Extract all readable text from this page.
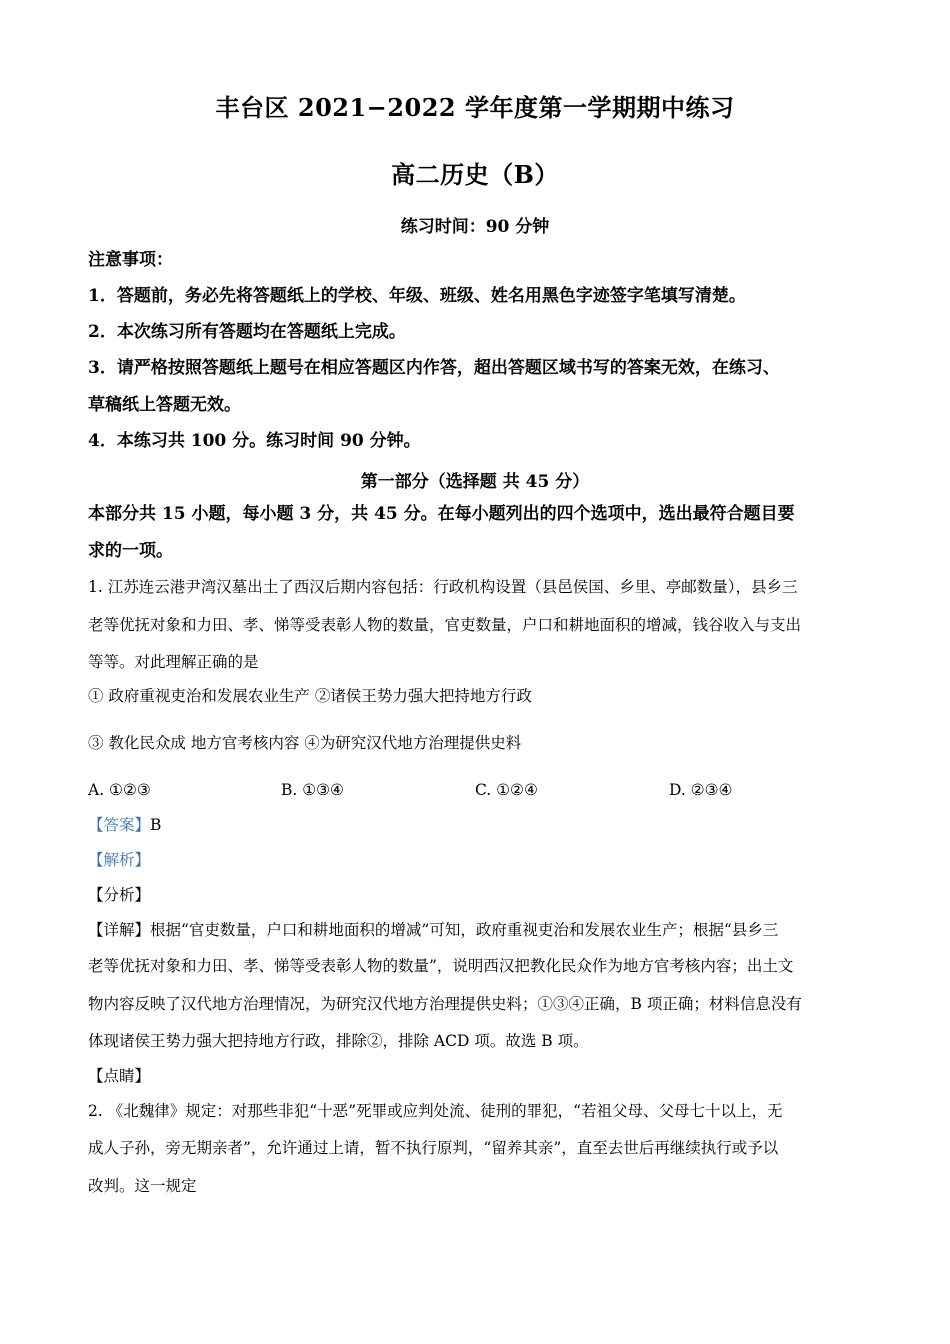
丰台区 2021−2022 学年度第一学期期中练习
高二历史（B）
练习时间：90 分钟
注意事项：
1．答题前，务必先将答题纸上的学校、年级、班级、姓名用黑色字迹签字笔填写清楚。
2．本次练习所有答题均在答题纸上完成。
3．请严格按照答题纸上题号在相应答题区内作答，超出答题区域书写的答案无效，在练习、
草稿纸上答题无效。
4．本练习共 100 分。练习时间 90 分钟。
第一部分（选择题 共 45 分）
本部分共 15 小题，每小题 3 分，共 45 分。在每小题列出的四个选项中，选出最符合题目要
求的一项。
1. 江苏连云港尹湾汉墓出土了西汉后期内容包括：行政机构设置（县邑侯国、乡里、亭邮数量），县乡三
老等优抚对象和力田、孝、悌等受表彰人物的数量，官吏数量，户口和耕地面积的增减，钱谷收入与支出
等等。对此理解正确的是
① 政府重视吏治和发展农业生产 ②诸侯王势力强大把持地方行政
③ 教化民众成 地方官考核内容 ④为研究汉代地方治理提供史料
A. ①②③	B. ①③④	C. ①②④	D. ②③④
【答案】B
【解析】
【分析】
【详解】根据“官吏数量，户口和耕地面积的增减”可知，政府重视吏治和发展农业生产；根据“县乡三
老等优抚对象和力田、孝、悌等受表彰人物的数量”，说明西汉把教化民众作为地方官考核内容；出土文
物内容反映了汉代地方治理情况，为研究汉代地方治理提供史料；①③④正确，B 项正确；材料信息没有
体现诸侯王势力强大把持地方行政，排除②，排除 ACD 项。故选 B 项。
【点睛】
2. 《北魏律》规定：对那些非犯“十恶”死罪或应判处流、徒刑的罪犯，“若祖父母、父母七十以上，无
成人子孙，旁无期亲者”，允许通过上请，暂不执行原判，“留养其亲”，直至去世后再继续执行或予以
改判。这一规定
